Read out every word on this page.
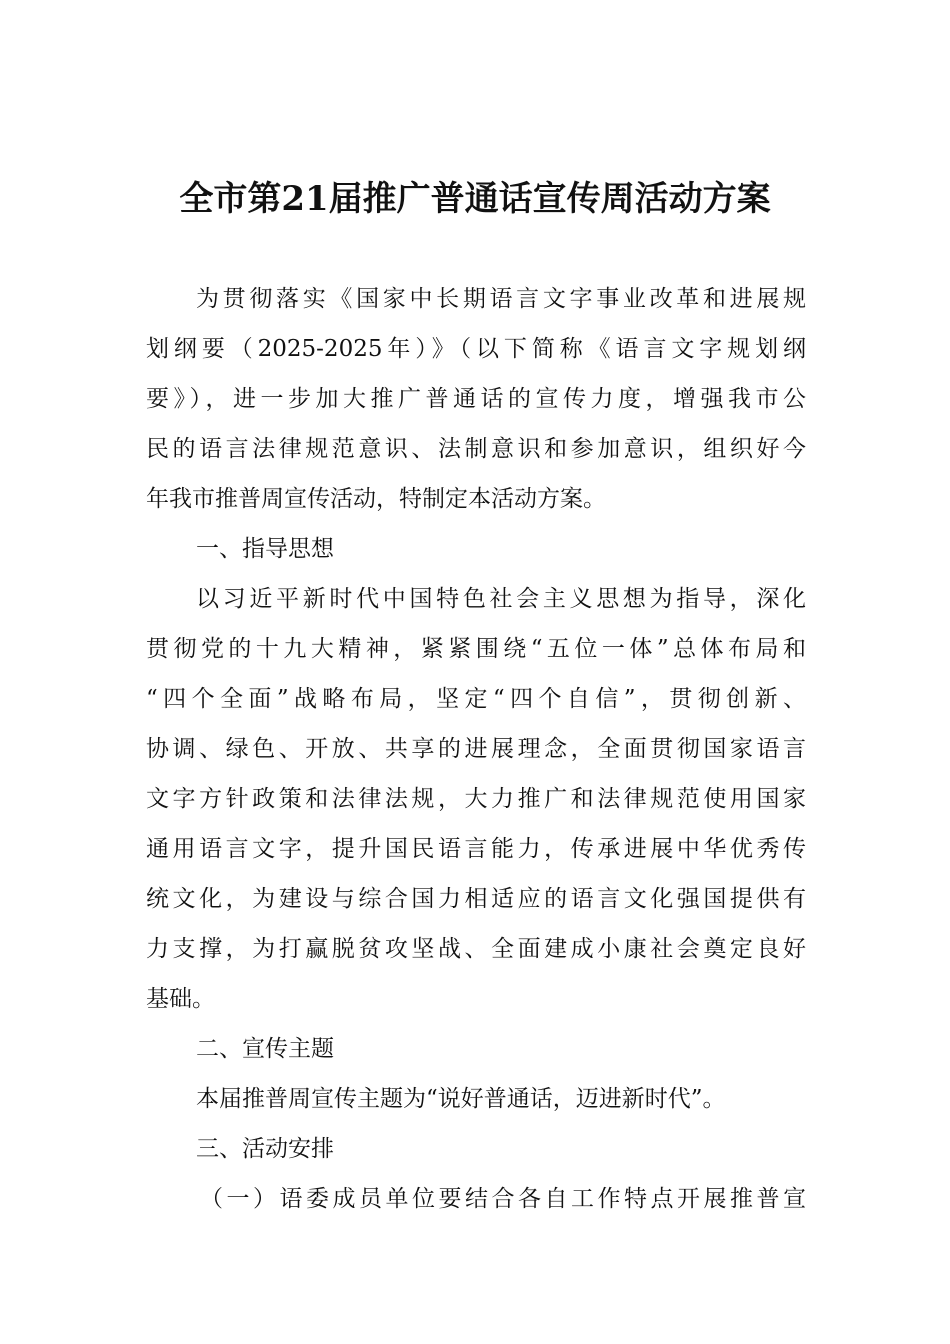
全市第21届推广普通话宣传周活动方案
为贯彻落实《国家中长期语言文字事业改革和进展规
划纲要（2025-2025年）》（以下简称《语言文字规划纲
要》），进一步加大推广普通话的宣传力度，增强我市公
民的语言法律规范意识、法制意识和参加意识，组织好今
年我市推普周宣传活动，特制定本活动方案。
一、指导思想
以习近平新时代中国特色社会主义思想为指导，深化
贯彻党的十九大精神，紧紧围绕“五位一体”总体布局和
“四个全面”战略布局，坚定“四个自信”，贯彻创新、
协调、绿色、开放、共享的进展理念，全面贯彻国家语言
文字方针政策和法律法规，大力推广和法律规范使用国家
通用语言文字，提升国民语言能力，传承进展中华优秀传
统文化，为建设与综合国力相适应的语言文化强国提供有
力支撑，为打赢脱贫攻坚战、全面建成小康社会奠定良好
基础。
二、宣传主题
本届推普周宣传主题为“说好普通话，迈进新时代”。
三、活动安排
（一）语委成员单位要结合各自工作特点开展推普宣
